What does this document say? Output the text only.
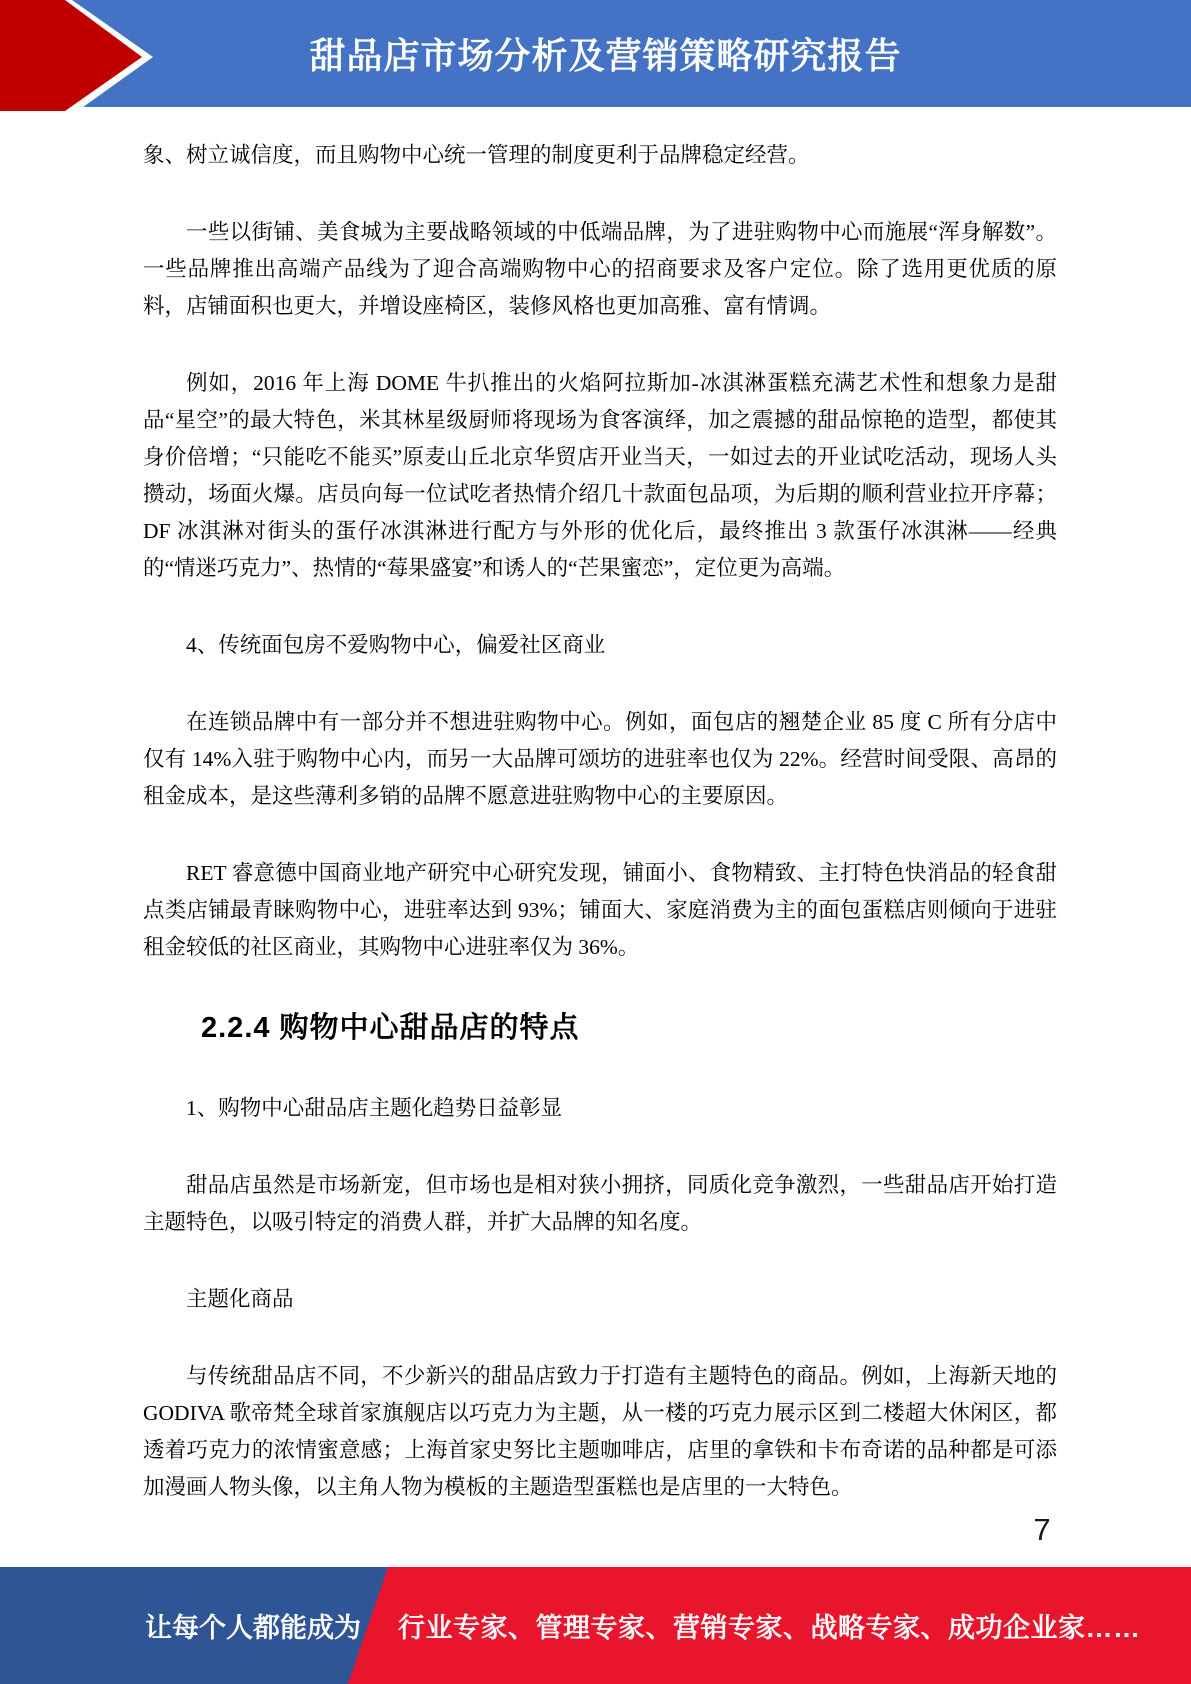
甜品店市场分析及营销策略研究报告

象、树立诚信度，而且购物中心统一管理的制度更利于品牌稳定经营。

一些以街铺、美食城为主要战略领域的中低端品牌，为了进驻购物中心而施展“浑身解数”。一些品牌推出高端产品线为了迎合高端购物中心的招商要求及客户定位。除了选用更优质的原料，店铺面积也更大，并增设座椅区，装修风格也更加高雅、富有情调。

例如，2016 年上海 DOME 牛扒推出的火焰阿拉斯加-冰淇淋蛋糕充满艺术性和想象力是甜品“星空”的最大特色，米其林星级厨师将现场为食客演绎，加之震撼的甜品惊艳的造型，都使其身价倍增；“只能吃不能买”原麦山丘北京华贸店开业当天，一如过去的开业试吃活动，现场人头攒动，场面火爆。店员向每一位试吃者热情介绍几十款面包品项，为后期的顺利营业拉开序幕；DF 冰淇淋对街头的蛋仔冰淇淋进行配方与外形的优化后，最终推出 3 款蛋仔冰淇淋——经典的“情迷巧克力”、热情的“莓果盛宴”和诱人的“芒果蜜恋”，定位更为高端。

4、传统面包房不爱购物中心，偏爱社区商业

在连锁品牌中有一部分并不想进驻购物中心。例如，面包店的翘楚企业 85 度 C 所有分店中仅有 14%入驻于购物中心内，而另一大品牌可颂坊的进驻率也仅为 22%。经营时间受限、高昂的租金成本，是这些薄利多销的品牌不愿意进驻购物中心的主要原因。

RET 睿意德中国商业地产研究中心研究发现，铺面小、食物精致、主打特色快消品的轻食甜点类店铺最青睐购物中心，进驻率达到 93%；铺面大、家庭消费为主的面包蛋糕店则倾向于进驻租金较低的社区商业，其购物中心进驻率仅为 36%。

2.2.4 购物中心甜品店的特点

1、购物中心甜品店主题化趋势日益彰显

甜品店虽然是市场新宠，但市场也是相对狭小拥挤，同质化竞争激烈，一些甜品店开始打造主题特色，以吸引特定的消费人群，并扩大品牌的知名度。

主题化商品

与传统甜品店不同，不少新兴的甜品店致力于打造有主题特色的商品。例如，上海新天地的 GODIVA 歌帝梵全球首家旗舰店以巧克力为主题，从一楼的巧克力展示区到二楼超大休闲区，都透着巧克力的浓情蜜意感；上海首家史努比主题咖啡店，店里的拿铁和卡布奇诺的品种都是可添加漫画人物头像，以主角人物为模板的主题造型蛋糕也是店里的一大特色。

7
让每个人都能成为 行业专家、管理专家、营销专家、战略专家、成功企业家……
